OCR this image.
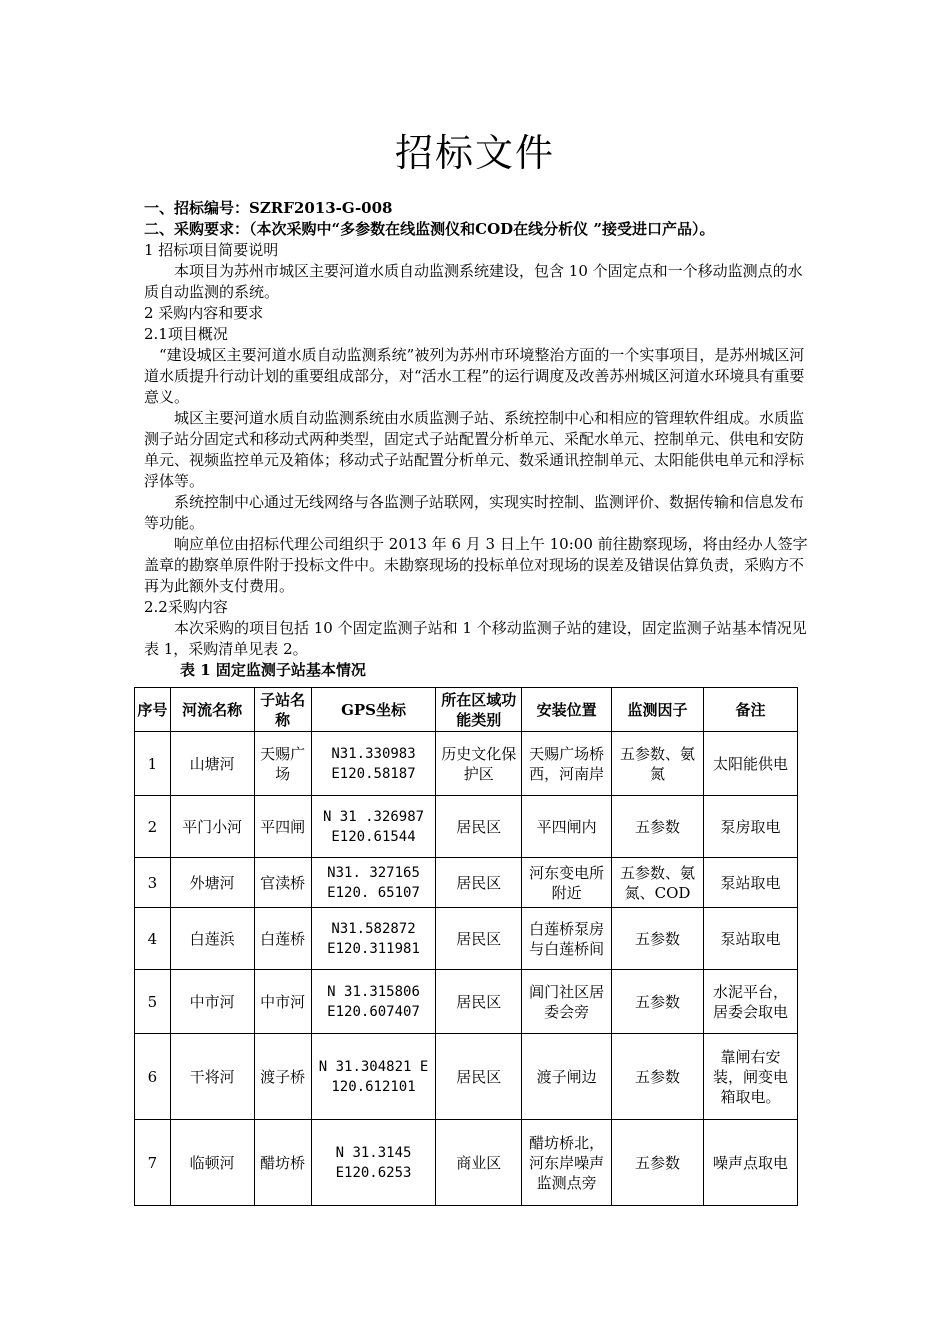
招标文件

一、招标编号：SZRF2013-G-008

二、采购要求：（本次采购中“多参数在线监测仪和COD在线分析仪 ”接受进口产品）。

1 招标项目简要说明

本项目为苏州市城区主要河道水质自动监测系统建设，包含 10 个固定点和一个移动监测点的水质自动监测的系统。

2 采购内容和要求

2.1项目概况

“建设城区主要河道水质自动监测系统”被列为苏州市环境整治方面的一个实事项目，是苏州城区河道水质提升行动计划的重要组成部分，对“活水工程”的运行调度及改善苏州城区河道水环境具有重要意义。

城区主要河道水质自动监测系统由水质监测子站、系统控制中心和相应的管理软件组成。水质监测子站分固定式和移动式两种类型，固定式子站配置分析单元、采配水单元、控制单元、供电和安防单元、视频监控单元及箱体；移动式子站配置分析单元、数采通讯控制单元、太阳能供电单元和浮标浮体等。

系统控制中心通过无线网络与各监测子站联网，实现实时控制、监测评价、数据传输和信息发布等功能。

响应单位由招标代理公司组织于 2013 年 6 月 3 日上午 10:00 前往勘察现场，将由经办人签字盖章的勘察单原件附于投标文件中。未勘察现场的投标单位对现场的误差及错误估算负责，采购方不再为此额外支付费用。

2.2采购内容

本次采购的项目包括 10 个固定监测子站和 1 个移动监测子站的建设，固定监测子站基本情况见表 1，采购清单见表 2。

表 1 固定监测子站基本情况

序号	河流名称	子站名称	GPS坐标	所在区域功能类别	安装位置	监测因子	备注
1	山塘河	天赐广场	N31.330983 E120.58187	历史文化保护区	天赐广场桥西，河南岸	五参数、氨氮	太阳能供电
2	平门小河	平四闸	N 31 .326987 E120.61544	居民区	平四闸内	五参数	泵房取电
3	外塘河	官渎桥	N31. 327165 E120. 65107	居民区	河东变电所附近	五参数、氨氮、COD	泵站取电
4	白莲浜	白莲桥	N31.582872 E120.311981	居民区	白莲桥泵房与白莲桥间	五参数	泵站取电
5	中市河	中市河	N 31.315806 E120.607407	居民区	阊门社区居委会旁	五参数	水泥平台，居委会取电
6	干将河	渡子桥	N 31.304821 E 120.612101	居民区	渡子闸边	五参数	靠闸右安装，闸变电箱取电。
7	临顿河	醋坊桥	N 31.3145 E120.6253	商业区	醋坊桥北，河东岸噪声监测点旁	五参数	噪声点取电
